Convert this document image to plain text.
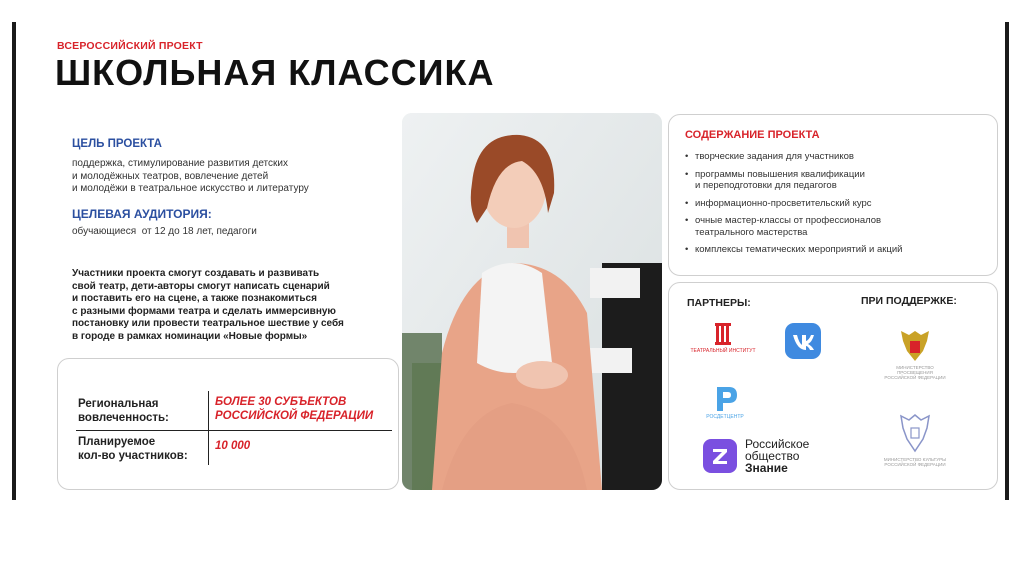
ВСЕРОССИЙСКИЙ ПРОЕКТ
ШКОЛЬНАЯ КЛАССИКА
ЦЕЛЬ ПРОЕКТА
поддержка, стимулирование развития детских
и молодёжных театров, вовлечение детей
и молодёжи в театральное искусство и литературу
ЦЕЛЕВАЯ АУДИТОРИЯ:
обучающиеся  от 12 до 18 лет, педагоги
Участники проекта смогут создавать и развивать
свой театр, дети-авторы смогут написать сценарий
и поставить его на сцене, а также познакомиться
с разными формами театра и сделать иммерсивную
постановку или провести театральное шествие у себя
в городе в рамках номинации «Новые формы»
Региональная
вовлеченность:
БОЛЕЕ 30 СУБЪЕКТОВ
РОССИЙСКОЙ ФЕДЕРАЦИИ
Планируемое
кол-во участников:
10 000
СОДЕРЖАНИЕ ПРОЕКТА
• творческие задания для участников
• программы повышения квалификации
и переподготовки для педагогов
• информационно-просветительский курс
• очные мастер-классы от профессионалов
театрального мастерства
• комплексы тематических мероприятий и акций
ПАРТНЕРЫ:	ПРИ ПОДДЕРЖКЕ:
ТЕАТРАЛЬНЫЙ ИНСТИТУТ
РОСДЕТЦЕНТР
Российское
общество
Знание
МИНИСТЕРСТВО ПРОСВЕЩЕНИЯ
РОССИЙСКОЙ ФЕДЕРАЦИИ
МИНИСТЕРСТВО КУЛЬТУРЫ
РОССИЙСКОЙ ФЕДЕРАЦИИ
